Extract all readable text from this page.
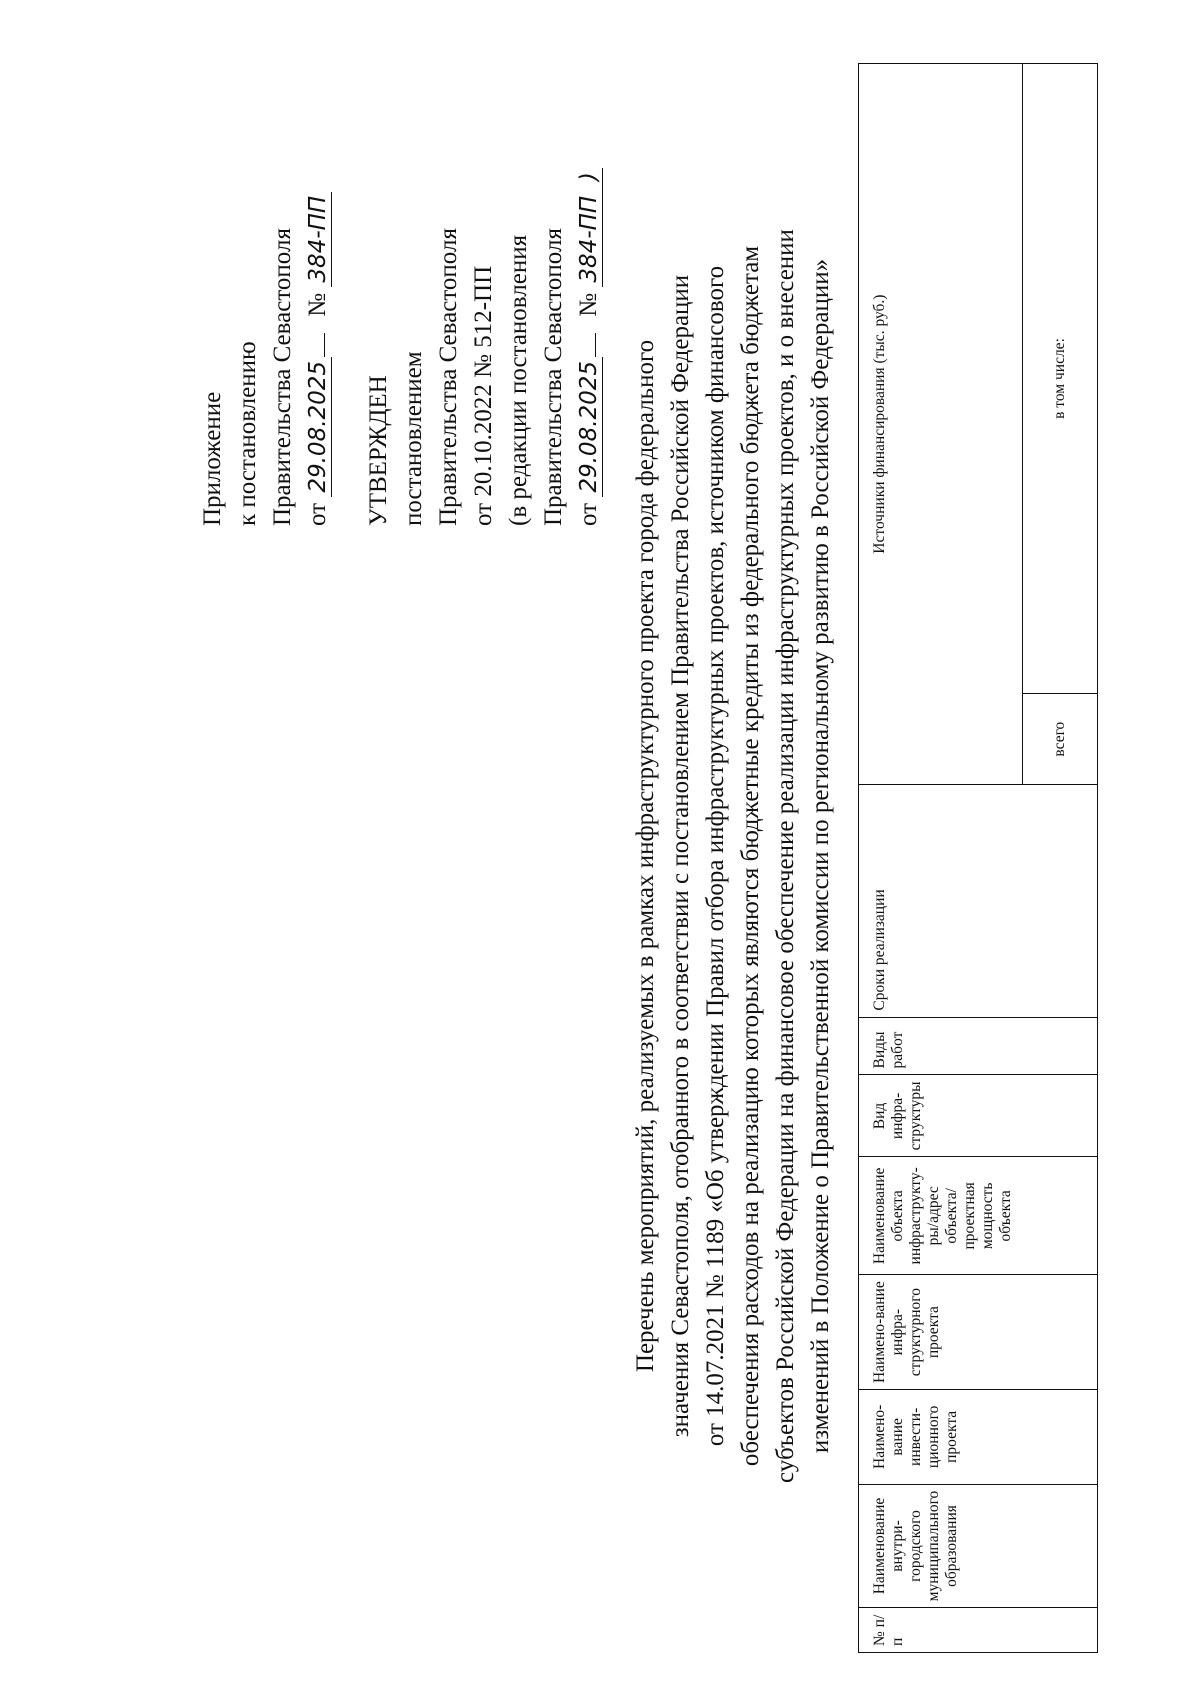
Приложение к постановлению Правительства Севастополя от 29.08.2025 № 384-ПП
УТВЕРЖДЕН постановлением Правительства Севастополя от 20.10.2022 № 512-ПП (в редакции постановления Правительства Севастополя от 29.08.2025 № 384-ПП  )
Перечень мероприятий, реализуемых в рамках инфраструктурного проекта города федерального значения Севастополя, отобранного в соответствии с постановлением Правительства Российской Федерации от 14.07.2021 № 1189 «Об утверждении Правил отбора инфраструктурных проектов, источником финансового обеспечения расходов на реализацию которых являются бюджетные кредиты из федерального бюджета бюджетам субъектов Российской Федерации на финансовое обеспечение реализации инфраструктурных проектов, и о внесении изменений в Положение о Правительственной комиссии по региональному развитию в Российской Федерации»
№ п/п	Наименование внутри-городского муниципального образования	Наимено-вание инвести-ционного проекта	Наимено-вание инфра-структурного проекта	Наименование объекта инфраструкту-ры/адрес объекта/ проектная мощность объекта	Вид инфра-структуры	Виды работ	Сроки реализации	Источники финансирования (тыс. руб.)	
								всего	в том числе:
